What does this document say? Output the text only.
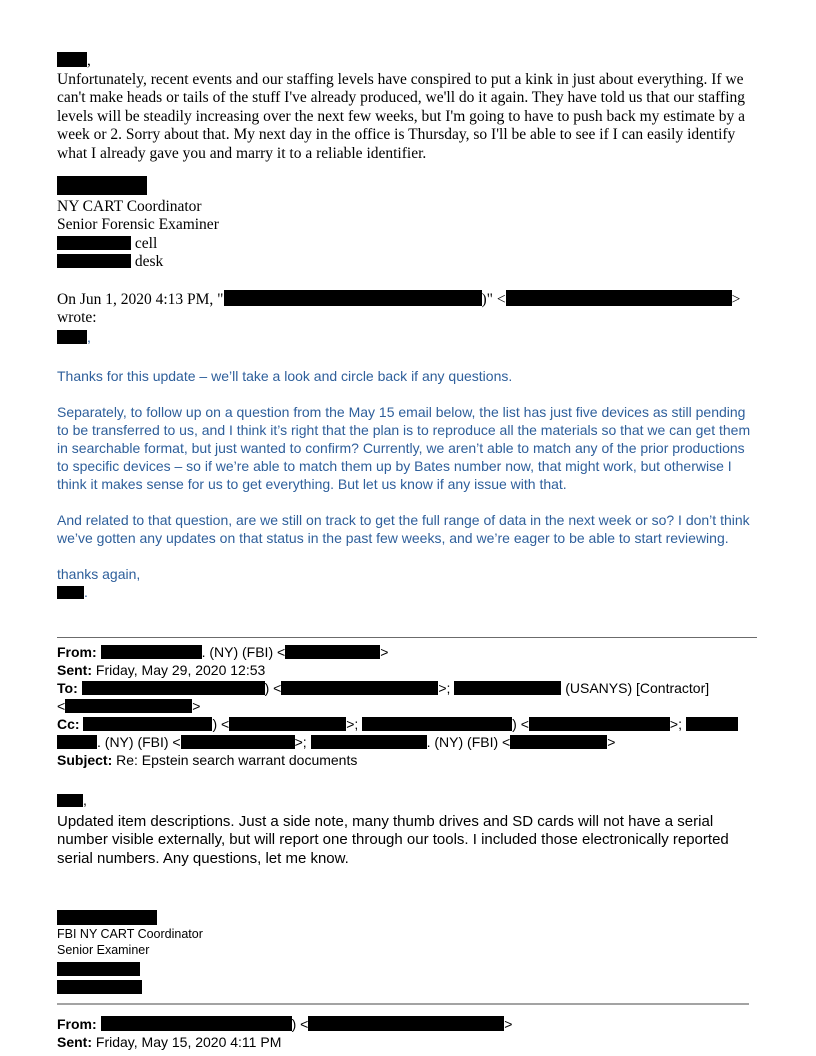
,

Unfortunately, recent events and our staffing levels have conspired to put a kink in just about everything. If we can't make heads or tails of the stuff I've already produced, we'll do it again. They have told us that our staffing levels will be steadily increasing over the next few weeks, but I'm going to have to push back my estimate by a week or 2. Sorry about that. My next day in the office is Thursday, so I'll be able to see if I can easily identify what I already gave you and marry it to a reliable identifier.

NY CART Coordinator
Senior Forensic Examiner
cell
desk
On Jun 1, 2020 4:13 PM, "	)" <	> wrote:
,

Thanks for this update – we’ll take a look and circle back if any questions.

Separately, to follow up on a question from the May 15 email below, the list has just five devices as still pending to be transferred to us, and I think it’s right that the plan is to reproduce all the materials so that we can get them in searchable format, but just wanted to confirm? Currently, we aren’t able to match any of the prior productions to specific devices – so if we’re able to match them up by Bates number now, that might work, but otherwise I think it makes sense for us to get everything. But let us know if any issue with that.

And related to that question, are we still on track to get the full range of data in the next week or so? I don’t think we’ve gotten any updates on that status in the past few weeks, and we’re eager to be able to start reviewing.

thanks again,
.
From:	. (NY) (FBI) <	>
Sent: Friday, May 29, 2020 12:53
To:	) <	>;	(USANYS) [Contractor]
<	>
Cc:	) <	>;	) <	>;
. (NY) (FBI) <	>;	. (NY) (FBI) <	>
Subject: Re: Epstein search warrant documents
,

Updated item descriptions. Just a side note, many thumb drives and SD cards will not have a serial number visible externally, but will report one through our tools. I included those electronically reported serial numbers. Any questions, let me know.

FBI NY CART Coordinator
Senior Examiner
From:	) <	>
Sent: Friday, May 15, 2020 4:11 PM
